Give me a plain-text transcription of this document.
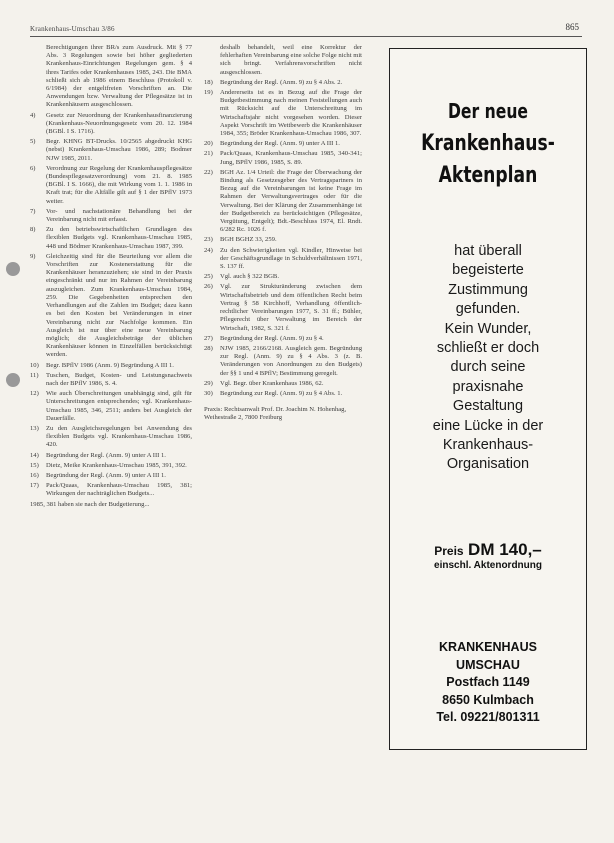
Krankenhaus-Umschau 3/86	865
Berechtigungen ihrer BR/s zum Ausdruck. Mit § 77 Abs. 3 Regelungen sowie bei höher gegliederten Krankenhaus-Einrichtungen Regelungen gem. § 4 ihres Tarifes oder Krankenhauses 1985, 243. Die BMA schließt sich ab 1986 einem Beschluss (Protokoll v. 6/1984) der entgeltfreien Vorschriften an. Die Anwendungen bzw. Verwaltung der Pflegesätze ist in Krankenhäusern ausgeschlossen.
4)	Gesetz zur Neuordnung der Krankenhausfinanzierung (Krankenhaus-Neuordnungsgesetz vom 20. 12. 1984 (BGBl. I S. 1716).
5)	Begr. KHNG BT-Drucks. 10/2565 abgedruckt KHG (nebst) Krankenhaus-Umschau 1986, 289; Bodmer NJW 1985, 2011.
6)	Verordnung zur Regelung der Krankenhauspflegesätze (Bundespflegesatzverordnung) vom 21. 8. 1985 (BGBl. I S. 1666), die mit Wirkung vom 1. 1. 1986 in Kraft trat; für die Altfälle gilt auf § 1 der BPflV 1973 weiter.
7)	Vor- und nachstationäre Behandlung bei der Vereinbarung nicht mit erfasst.
8)	Zu den betriebswirtschaftlichen Grundlagen des flexiblen Budgets vgl. Krankenhaus-Umschau 1985, 448 und Bödmer Krankenhaus-Umschau 1987, 399.
9)	Gleichzeitig sind für die Beurteilung vor allem die Vorschriften zur Kostenerstattung für die Krankenhäuser heranzuziehen; sie sind in der Praxis eingeschränkt und nur im Rahmen der Vereinbarung auszugleichen. Zum Krankenhaus-Umschau 1984, 259. Die Gegebenheiten entsprechen den Verhandlungen auf die Zahlen im Budget; dazu kann es bei den Kosten bei Veränderungen in einer Vereinbarung nicht zur Nachfolge kommen. Ein Ausgleich ist nur über eine neue Vereinbarung möglich; die Ausgleichsbeträge der üblichen Krankenhäuser können in Einzelfällen berücksichtigt werden.
10)	Begr. BPflV 1986 (Anm. 9) Begründung A III 1.
11)	Tuschen, Budget, Kosten- und Leistungsnachweis nach der BPflV 1986, S. 4.
12)	Wie auch Überschreitungen unabhängig sind, gilt für Unterschreitungen entsprechendes; vgl. Krankenhaus-Umschau 1985, 346, 2511; anders bei Ausgleich der Dauerfälle.
13)	Zu den Ausgleichsregelungen bei Anwendung des flexiblen Budgets vgl. Krankenhaus-Umschau 1986, 420.
14)	Begründung der Regl. (Anm. 9) unter A III 1.
15)	Dietz, Meike Krankenhaus-Umschau 1985, 391, 392.
16)	Begründung der Regl. (Anm. 9) unter A III 1.
17)	Pack/Quaas, Krankenhaus-Umschau 1985, 381; Wirkungen der nachträglichen Budgets...
1985, 381 haben sie nach der Budgetierung...
deshalb behandelt, weil eine Korrektur der fehlerhaften Vereinbarung eine solche Folge nicht mit sich bringt. Verfahrensvorschriften nicht ausgeschlossen.
18)	Begründung der Regl. (Anm. 9) zu § 4 Abs. 2.
19)	Andererseits ist es in Bezug auf die Frage der Budgetbestimmung nach meinen Feststellungen auch mit Rücksicht auf die Unterschreitung im Wirtschaftsjahr nicht vorgesehen worden. Dieser Aspekt Vorschrift im Wettbewerb die Krankenhäuser 1984, 355; Bröder Krankenhaus-Umschau 1986, 307.
20)	Begründung der Regl. (Anm. 9) unter A III 1.
21)	Pack/Quaas, Krankenhaus-Umschau 1985, 340-341; Jung, BPflV 1986, 1985, S. 89.
22)	BGH Az. 1/4 Urteil: die Frage der Überwachung der Bindung als Gesetzesgeber des Vertragspartners in Bezug auf die Vereinbarungen ist keine Frage im Rahmen der Verwaltungsvertrages oder für die Verwaltung. Bei der Klärung der Zusammenhänge ist der Budgetbereich zu berücksichtigen (Pflegesätze, Vergütung, Entgelt); Bdt.-Beschluss 1974, El. Rndt. 6/282 Rc. 1026 f.
23)	BGH BGHZ 33, 259.
24)	Zu den Schwierigkeiten vgl. Kindler, Hinweise bei der Geschäftsgrundlage in Schuldverhältnissen 1971, S. 137 ff.
25)	Vgl. auch § 322 BGB.
26)	Vgl. zur Strukturänderung zwischen dem Wirtschaftsbetrieb und dem öffentlichen Recht beim Vertrag § 58 Kirchhoff, Verhandlung öffentlich-rechtlicher Vereinbarungen 1977, S. 31 ff.; Bühler, Pflegerecht über Verwaltung im Bereich der Wirtschaft, 1982, S. 321 f.
27)	Begründung der Regl. (Anm. 9) zu § 4.
28)	NJW 1985, 2166/2168. Ausgleich gem. Begründung zur Regl. (Anm. 9) zu § 4 Abs. 3 (z. B. Veränderungen von Anordnungen zu den Budgets) der §§ 1 und 4 BPflV; Bestimmung geregelt.
29)	Vgl. Begr. über Krankenhaus 1986, 62.
30)	Begründung zur Regl. (Anm. 9) zu § 4 Abs. 1.
Praxis: Rechtsanwalt Prof. Dr. Joachim N. Hohenhag, Weihestraße 2, 7800 Freiburg
Der neue
Krankenhaus-
Aktenplan
hat überall
begeisterte
Zustimmung
gefunden.
Kein Wunder,
schließt er doch
durch seine
praxisnahe
Gestaltung
eine Lücke in der
Krankenhaus-
Organisation
Preis DM 140,–
einschl. Aktenordnung
KRANKENHAUS
UMSCHAU
Postfach 1149
8650 Kulmbach
Tel. 09221/801311
